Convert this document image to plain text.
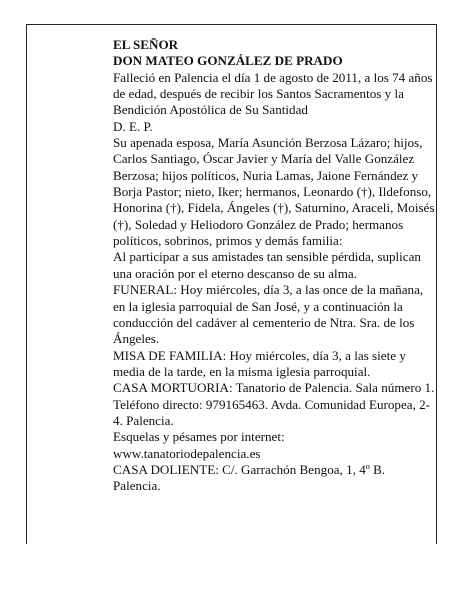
EL SEÑOR

DON MATEO GONZÁLEZ DE PRADO

Falleció en Palencia el día 1 de agosto de 2011, a los 74 años de edad, después de recibir los Santos Sacramentos y la Bendición Apostólica de Su Santidad

D. E. P.

Su apenada esposa, María Asunción Berzosa Lázaro; hijos, Carlos Santiago, Óscar Javier y María del Valle González Berzosa; hijos políticos, Nuria Lamas, Jaione Fernández y Borja Pastor; nieto, Iker; hermanos, Leonardo (†), Ildefonso, Honorina (†), Fidela, Ángeles (†), Saturnino, Araceli, Moisés (†), Soledad y Heliodoro González de Prado; hermanos políticos, sobrinos, primos y demás familia:

Al participar a sus amistades tan sensible pérdida, suplican una oración por el eterno descanso de su alma.

FUNERAL: Hoy miércoles, día 3, a las once de la mañana, en la iglesia parroquial de San José, y a continuación la conducción del cadáver al cementerio de Ntra. Sra. de los Ángeles.

MISA DE FAMILIA: Hoy miércoles, día 3, a las siete y media de la tarde, en la misma iglesia parroquial.

CASA MORTUORIA: Tanatorio de Palencia. Sala número 1. Teléfono directo: 979165463. Avda. Comunidad Europea, 2-4. Palencia.

Esquelas y pésames por internet: www.tanatoriodepalencia.es

CASA DOLIENTE: C/. Garrachón Bengoa, 1, 4º B. Palencia.
